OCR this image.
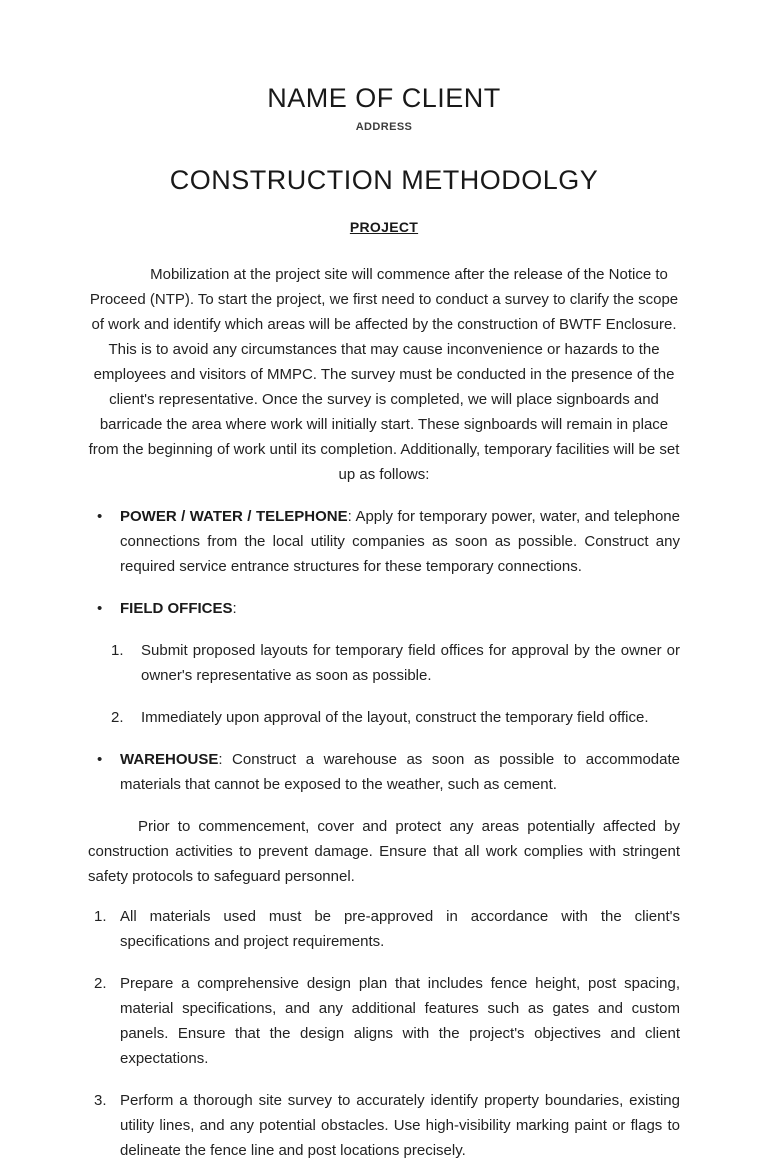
NAME OF CLIENT
ADDRESS
CONSTRUCTION METHODOLGY
PROJECT

Mobilization at the project site will commence after the release of the Notice to Proceed (NTP). To start the project, we first need to conduct a survey to clarify the scope of work and identify which areas will be affected by the construction of BWTF Enclosure. This is to avoid any circumstances that may cause inconvenience or hazards to the employees and visitors of MMPC. The survey must be conducted in the presence of the client's representative. Once the survey is completed, we will place signboards and barricade the area where work will initially start. These signboards will remain in place from the beginning of work until its completion. Additionally, temporary facilities will be set up as follows:

•	POWER / WATER / TELEPHONE: Apply for temporary power, water, and telephone connections from the local utility companies as soon as possible. Construct any required service entrance structures for these temporary connections.

•	FIELD OFFICES:

1.	Submit proposed layouts for temporary field offices for approval by the owner or owner's representative as soon as possible.

2.	Immediately upon approval of the layout, construct the temporary field office.

•	WAREHOUSE: Construct a warehouse as soon as possible to accommodate materials that cannot be exposed to the weather, such as cement.

Prior to commencement, cover and protect any areas potentially affected by construction activities to prevent damage. Ensure that all work complies with stringent safety protocols to safeguard personnel.

1. All materials used must be pre-approved in accordance with the client's specifications and project requirements.

2. Prepare a comprehensive design plan that includes fence height, post spacing, material specifications, and any additional features such as gates and custom panels. Ensure that the design aligns with the project's objectives and client expectations.

3. Perform a thorough site survey to accurately identify property boundaries, existing utility lines, and any potential obstacles. Use high-visibility marking paint or flags to delineate the fence line and post locations precisely.
